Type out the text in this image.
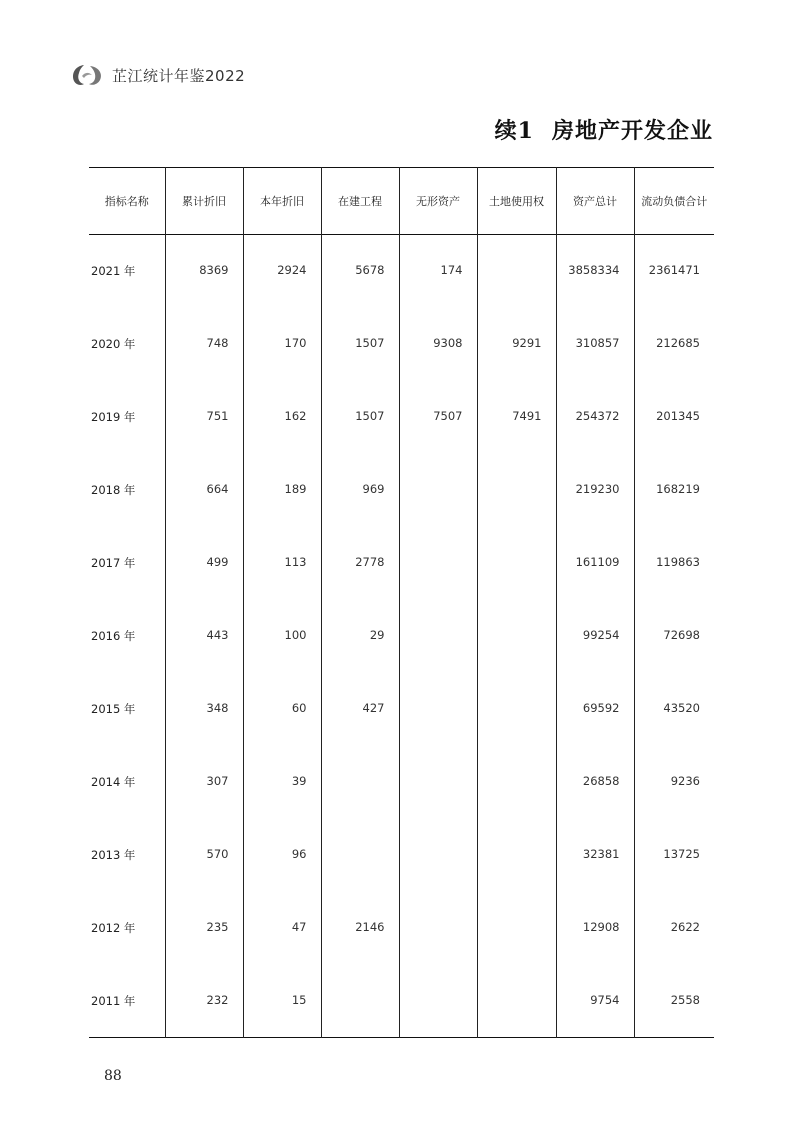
芷江统计年鉴2022
续1 房地产开发企业
指标名称	累计折旧	本年折旧	在建工程	无形资产	土地使用权	资产总计	流动负债合计
2021 年	8369	2924	5678	174		3858334	2361471
2020 年	748	170	1507	9308	9291	310857	212685
2019 年	751	162	1507	7507	7491	254372	201345
2018 年	664	189	969			219230	168219
2017 年	499	113	2778			161109	119863
2016 年	443	100	29			99254	72698
2015 年	348	60	427			69592	43520
2014 年	307	39				26858	9236
2013 年	570	96				32381	13725
2012 年	235	47	2146			12908	2622
2011 年	232	15				9754	2558
88
